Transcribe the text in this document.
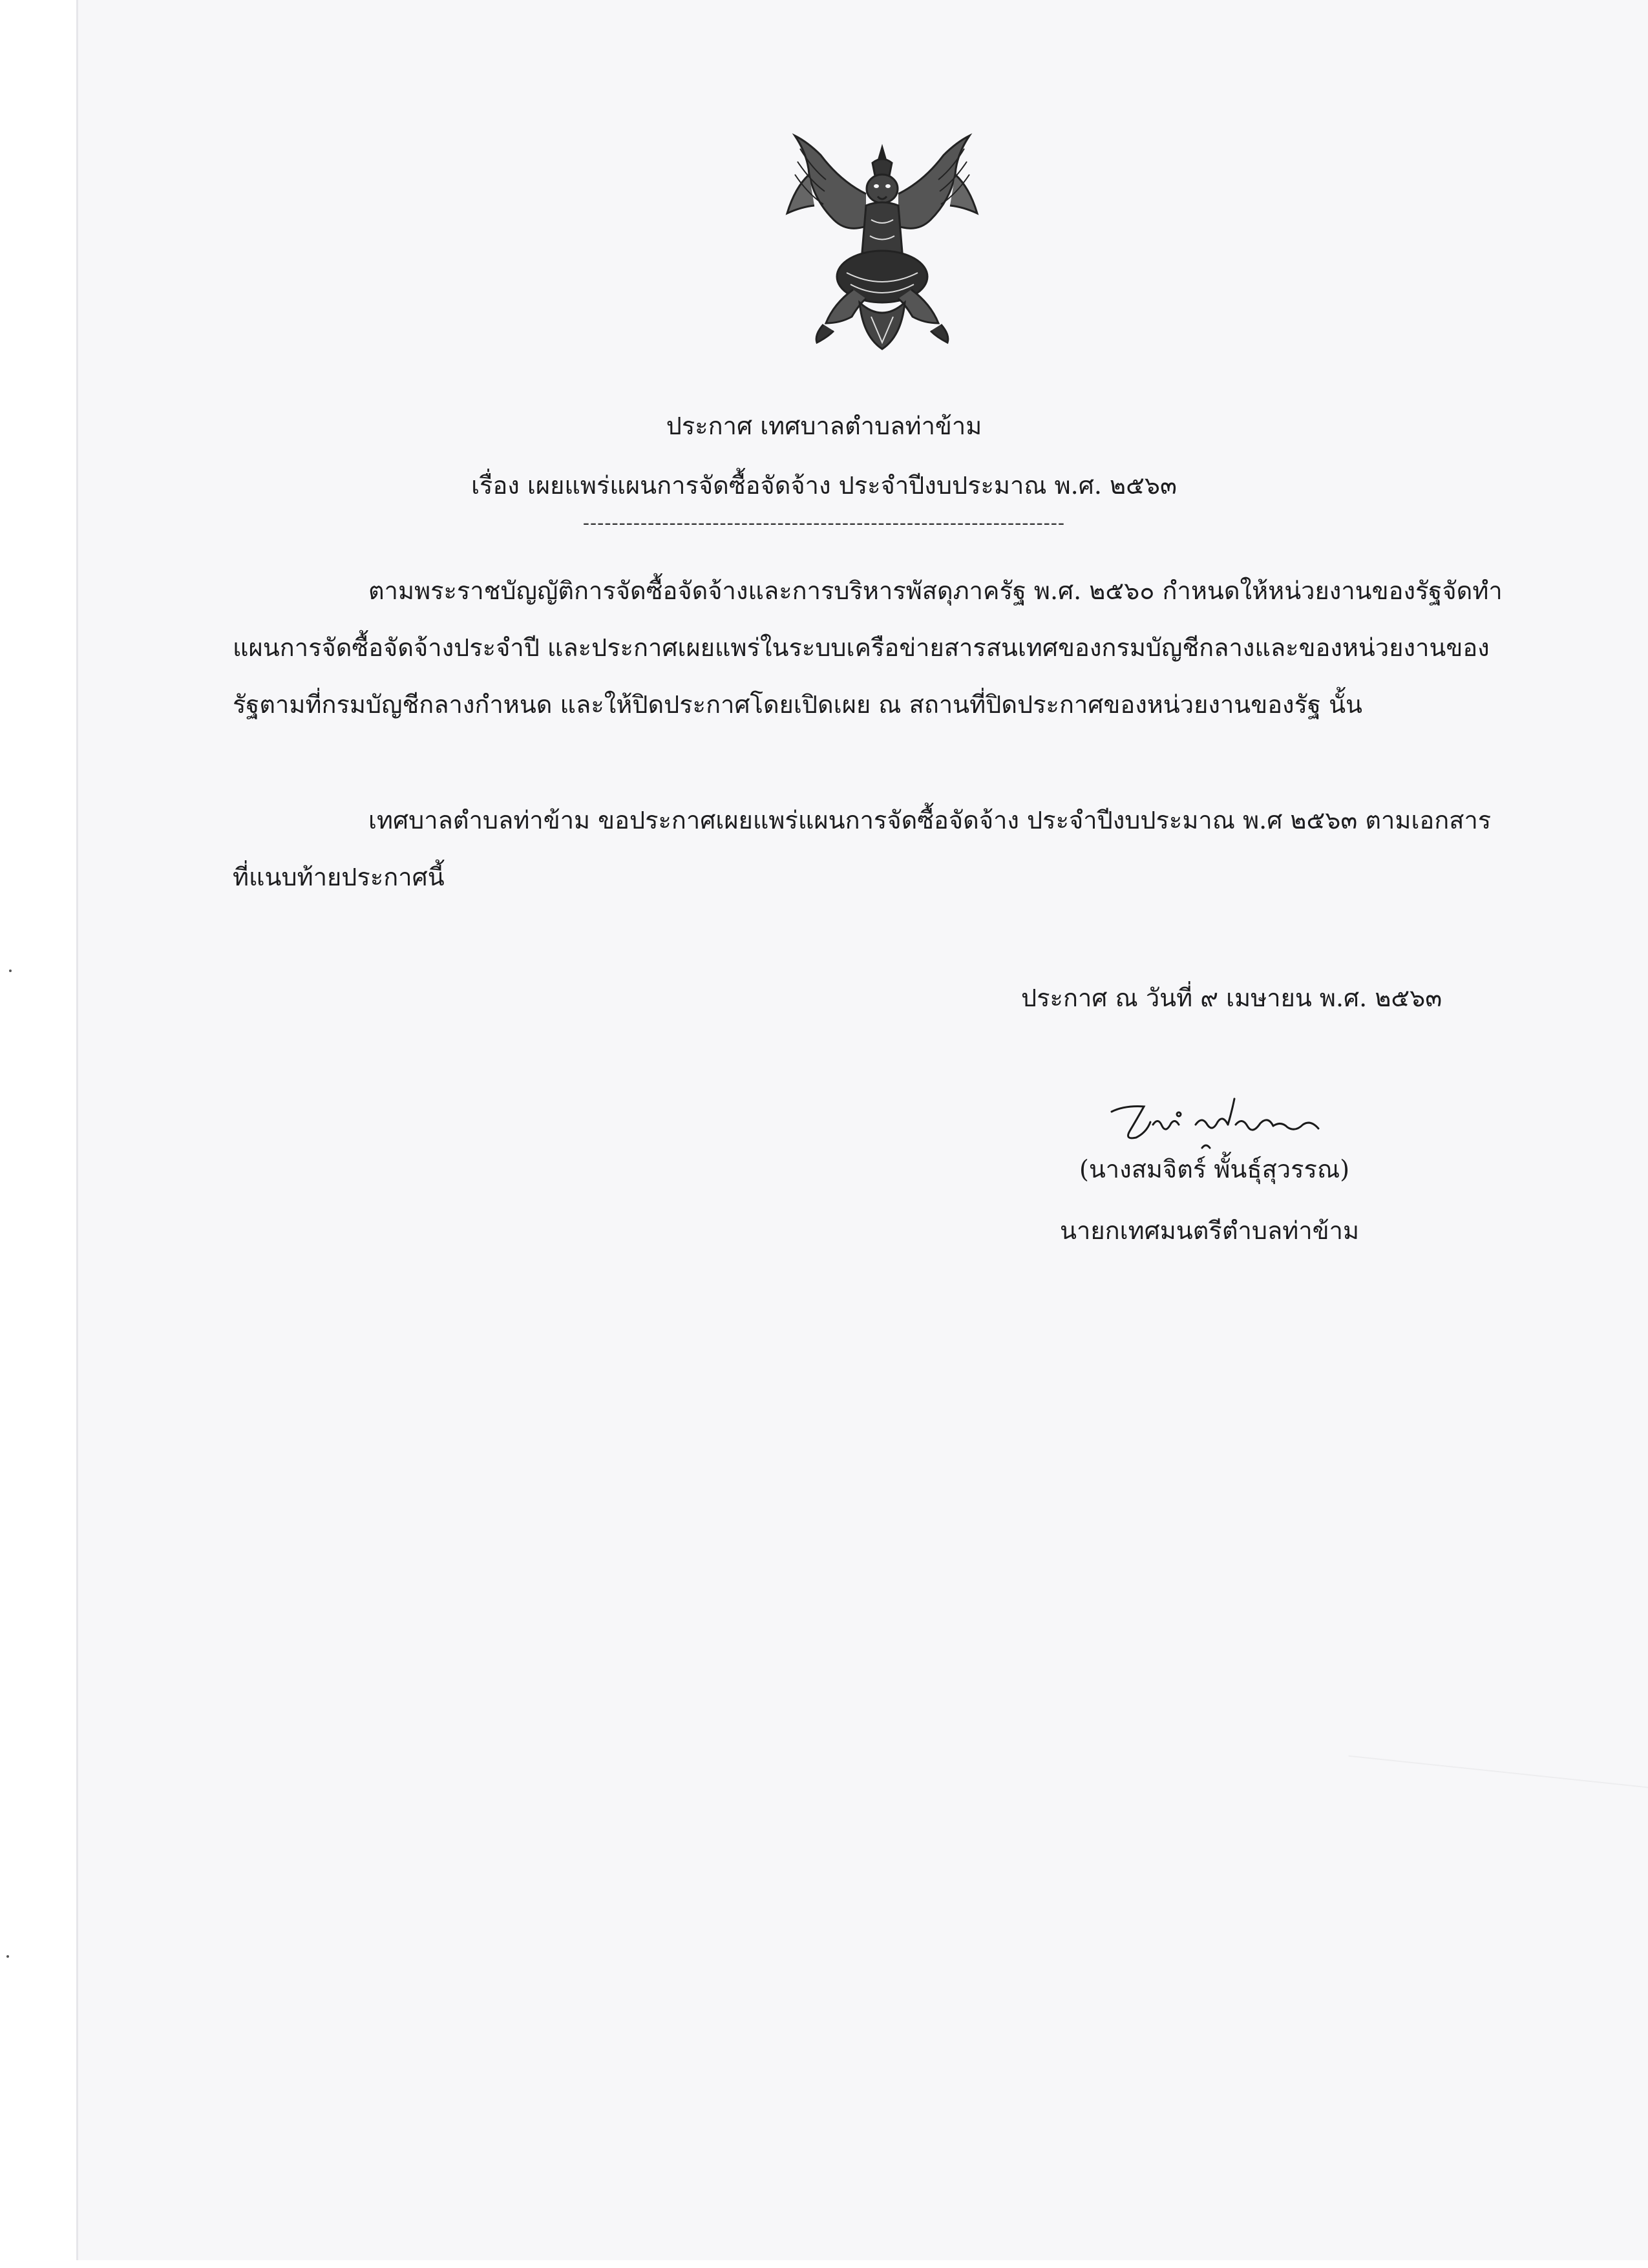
ประกาศ เทศบาลตำบลท่าข้าม
เรื่อง เผยแพร่แผนการจัดซื้อจัดจ้าง ประจำปีงบประมาณ พ.ศ. ๒๕๖๓
-------------------------------------------------------------------
ตามพระราชบัญญัติการจัดซื้อจัดจ้างและการบริหารพัสดุภาครัฐ พ.ศ. ๒๕๖๐ กำหนดให้หน่วยงานของรัฐจัดทำแผนการจัดซื้อจัดจ้างประจำปี และประกาศเผยแพร่ในระบบเครือข่ายสารสนเทศของกรมบัญชีกลางและของหน่วยงานของรัฐตามที่กรมบัญชีกลางกำหนด และให้ปิดประกาศโดยเปิดเผย ณ สถานที่ปิดประกาศของหน่วยงานของรัฐ นั้น
เทศบาลตำบลท่าข้าม ขอประกาศเผยแพร่แผนการจัดซื้อจัดจ้าง ประจำปีงบประมาณ พ.ศ ๒๕๖๓ ตามเอกสารที่แนบท้ายประกาศนี้
ประกาศ ณ วันที่ ๙ เมษายน พ.ศ. ๒๕๖๓
(นางสมจิตร์ พั้นธุ์สุวรรณ)
นายกเทศมนตรีตำบลท่าข้าม
